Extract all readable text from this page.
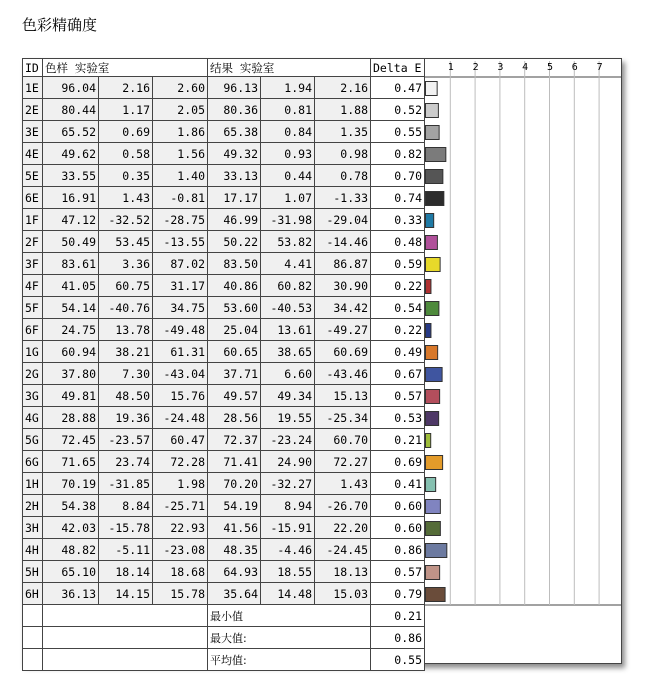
色彩精确度
ID	色样 实验室			结果 实验室			Delta E
1E	96.04	2.16	2.60	96.13	1.94	2.16	0.47
2E	80.44	1.17	2.05	80.36	0.81	1.88	0.52
3E	65.52	0.69	1.86	65.38	0.84	1.35	0.55
4E	49.62	0.58	1.56	49.32	0.93	0.98	0.82
5E	33.55	0.35	1.40	33.13	0.44	0.78	0.70
6E	16.91	1.43	-0.81	17.17	1.07	-1.33	0.74
1F	47.12	-32.52	-28.75	46.99	-31.98	-29.04	0.33
2F	50.49	53.45	-13.55	50.22	53.82	-14.46	0.48
3F	83.61	3.36	87.02	83.50	4.41	86.87	0.59
4F	41.05	60.75	31.17	40.86	60.82	30.90	0.22
5F	54.14	-40.76	34.75	53.60	-40.53	34.42	0.54
6F	24.75	13.78	-49.48	25.04	13.61	-49.27	0.22
1G	60.94	38.21	61.31	60.65	38.65	60.69	0.49
2G	37.80	7.30	-43.04	37.71	6.60	-43.46	0.67
3G	49.81	48.50	15.76	49.57	49.34	15.13	0.57
4G	28.88	19.36	-24.48	28.56	19.55	-25.34	0.53
5G	72.45	-23.57	60.47	72.37	-23.24	60.70	0.21
6G	71.65	23.74	72.28	71.41	24.90	72.27	0.69
1H	70.19	-31.85	1.98	70.20	-32.27	1.43	0.41
2H	54.38	8.84	-25.71	54.19	8.94	-26.70	0.60
3H	42.03	-15.78	22.93	41.56	-15.91	22.20	0.60
4H	48.82	-5.11	-23.08	48.35	-4.46	-24.45	0.86
5H	65.10	18.14	18.68	64.93	18.55	18.13	0.57
6H	36.13	14.15	15.78	35.64	14.48	15.03	0.79
				最小值			0.21
				最大值:			0.86
				平均值:			0.55
1 2 3 4 5 6 7
